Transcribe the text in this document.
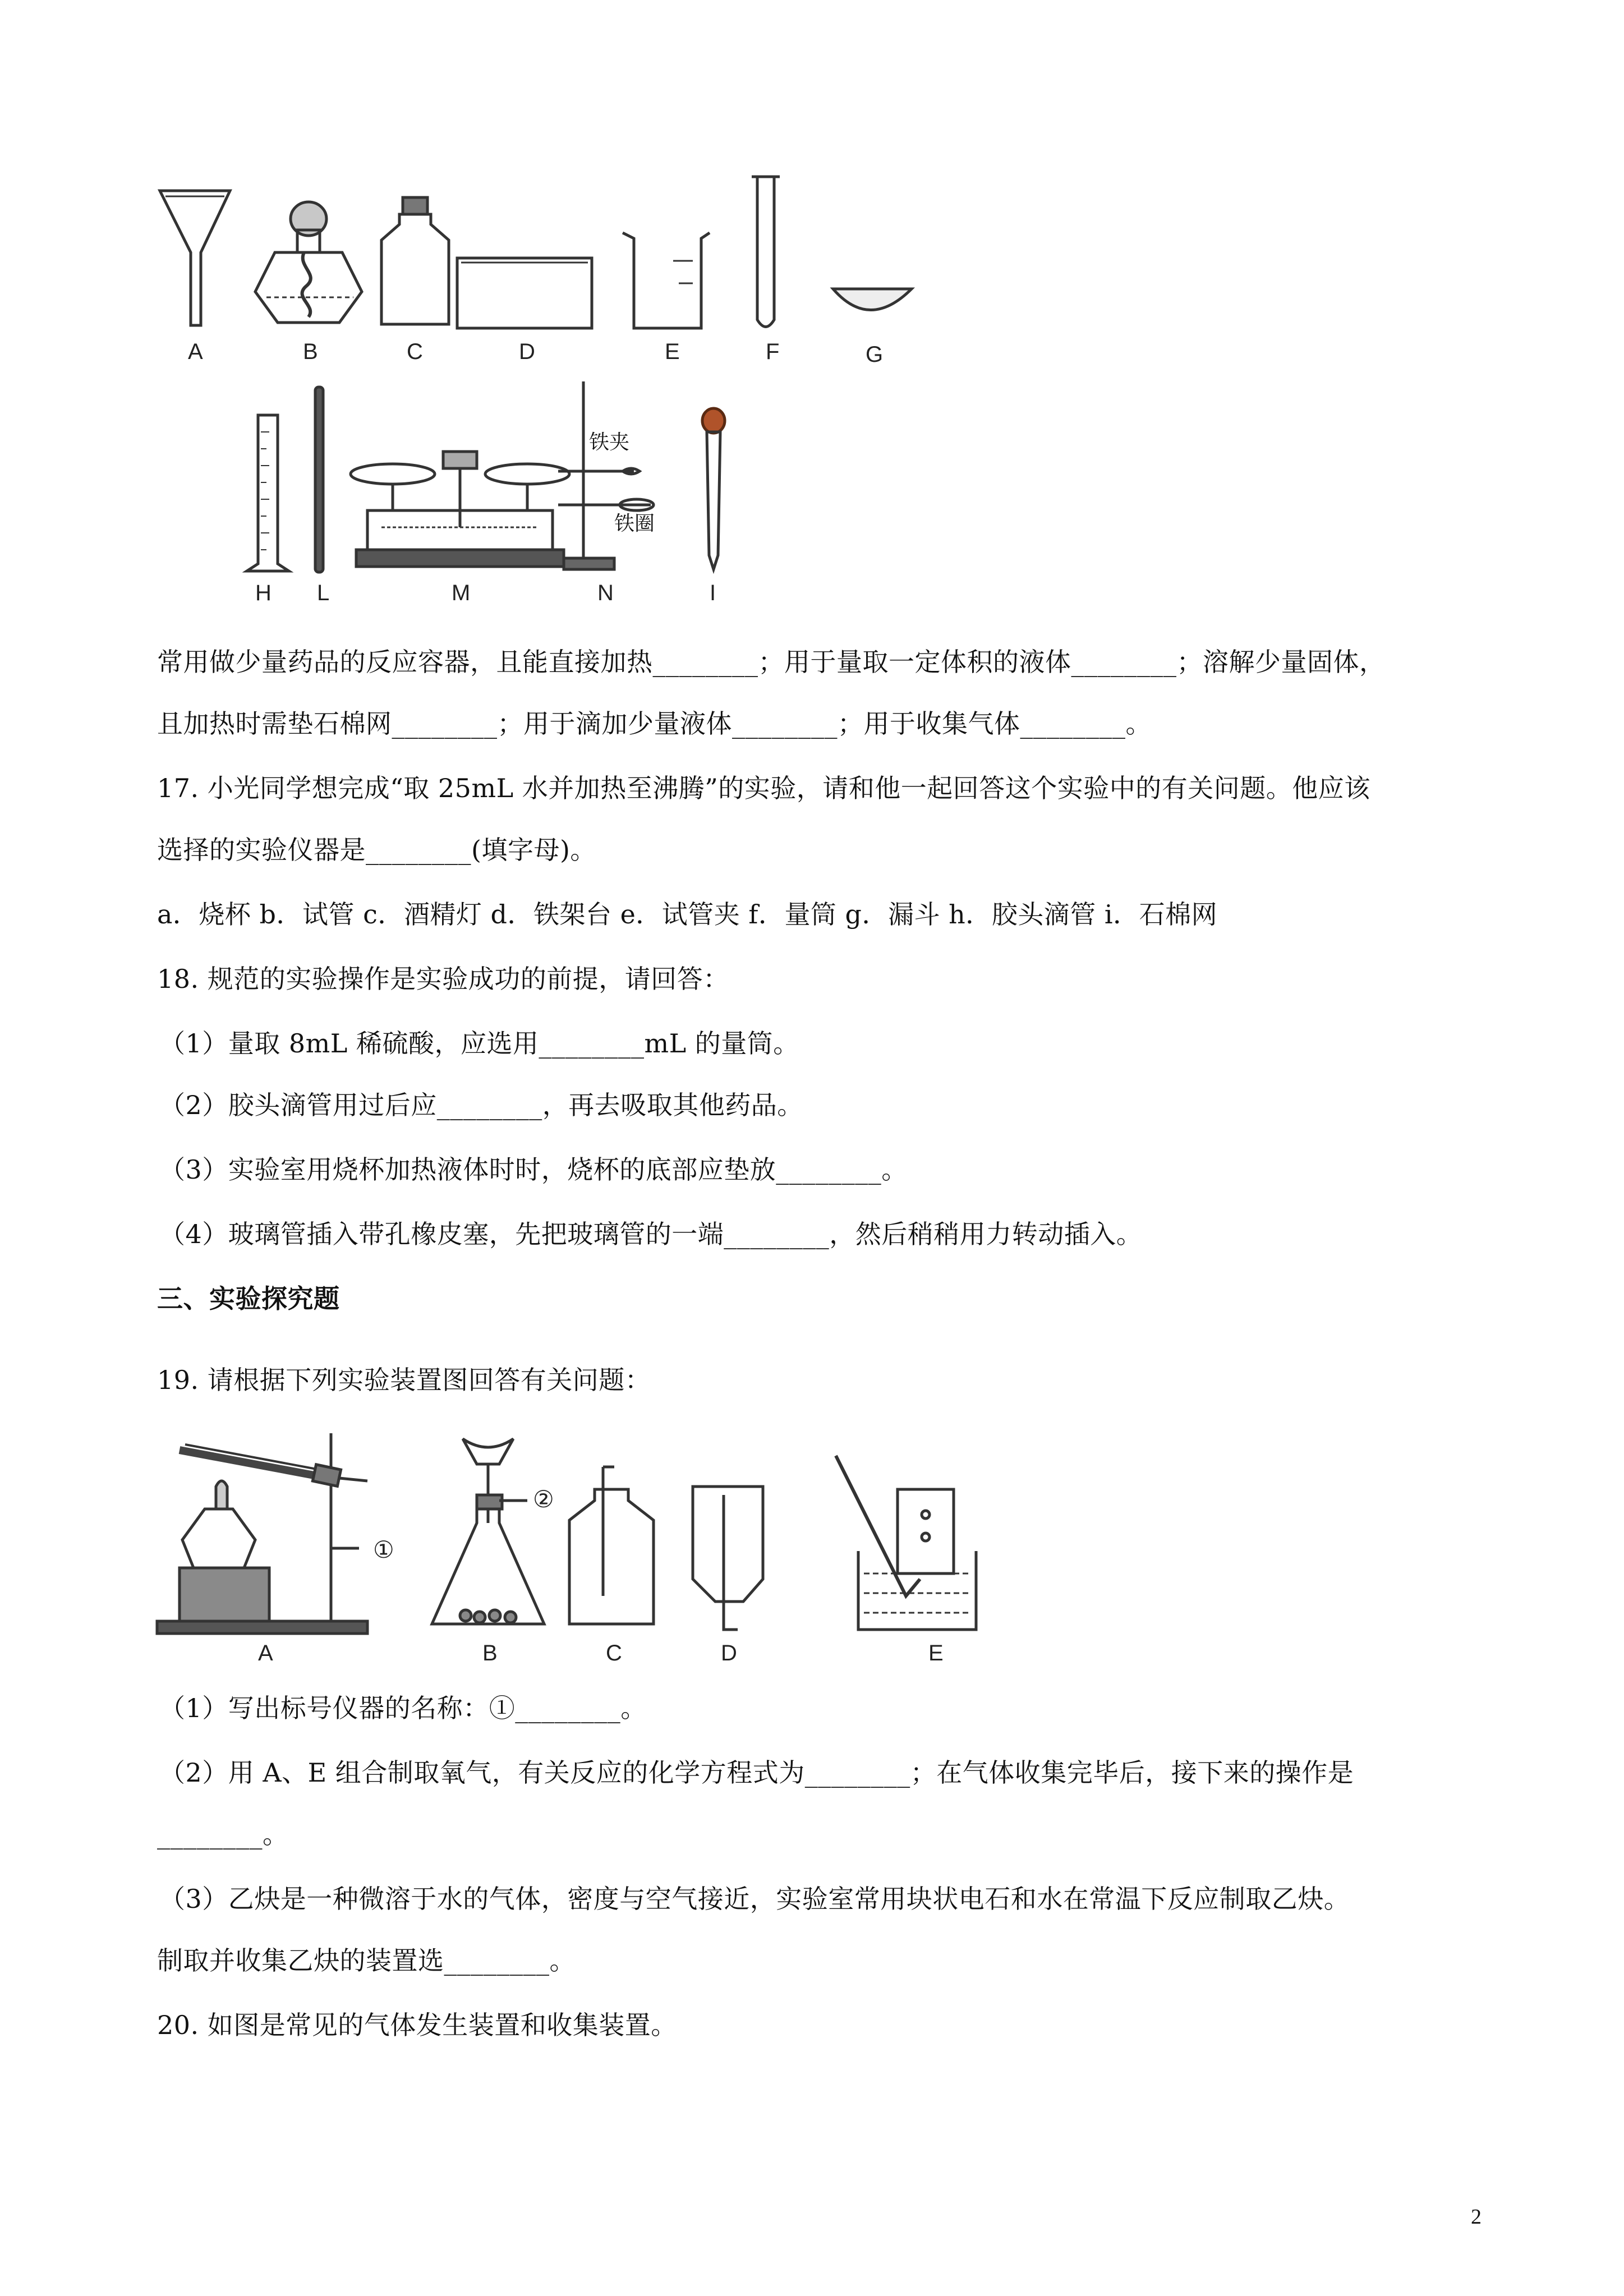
铁夹
铁圈
A	B	C	D	E	F	G
H L	M	N	I
常用做少量药品的反应容器，且能直接加热________；用于量取一定体积的液体________；溶解少量固体，
且加热时需垫石棉网________；用于滴加少量液体________；用于收集气体________。
17. 小光同学想完成“取 25mL 水并加热至沸腾”的实验，请和他一起回答这个实验中的有关问题。他应该
选择的实验仪器是________(填字母)。
a．烧杯 b．试管 c．酒精灯 d．铁架台 e．试管夹 f．量筒 g．漏斗 h．胶头滴管 i．石棉网
18. 规范的实验操作是实验成功的前提，请回答：
（1）量取 8mL 稀硫酸，应选用________mL 的量筒。
（2）胶头滴管用过后应________，再去吸取其他药品。
（3）实验室用烧杯加热液体时时，烧杯的底部应垫放________。
（4）玻璃管插入带孔橡皮塞，先把玻璃管的一端________，然后稍稍用力转动插入。
三、实验探究题
19. 请根据下列实验装置图回答有关问题：
①
②
A	B	C	D	E
（1）写出标号仪器的名称：①________。
（2）用 A、E 组合制取氧气，有关反应的化学方程式为________；在气体收集完毕后，接下来的操作是
________。
（3）乙炔是一种微溶于水的气体，密度与空气接近，实验室常用块状电石和水在常温下反应制取乙炔。
制取并收集乙炔的装置选________。
20. 如图是常见的气体发生装置和收集装置。
2
